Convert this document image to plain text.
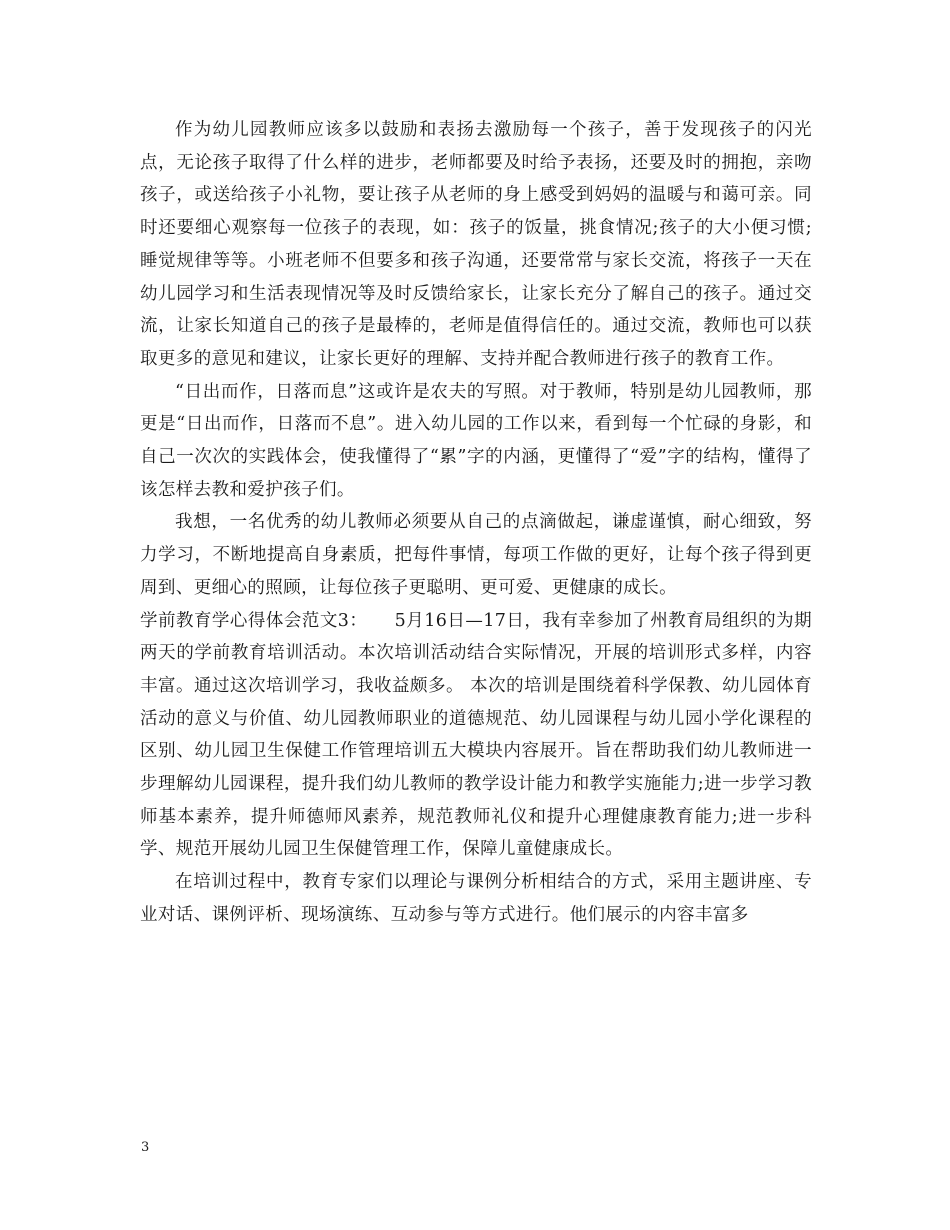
作为幼儿园教师应该多以鼓励和表扬去激励每一个孩子，善于发现孩子的闪光点，无论孩子取得了什么样的进步，老师都要及时给予表扬，还要及时的拥抱，亲吻孩子，或送给孩子小礼物，要让孩子从老师的身上感受到妈妈的温暖与和蔼可亲。同时还要细心观察每一位孩子的表现，如：孩子的饭量，挑食情况;孩子的大小便习惯;睡觉规律等等。小班老师不但要多和孩子沟通，还要常常与家长交流，将孩子一天在幼儿园学习和生活表现情况等及时反馈给家长，让家长充分了解自己的孩子。通过交流，让家长知道自己的孩子是最棒的，老师是值得信任的。通过交流，教师也可以获取更多的意见和建议，让家长更好的理解、支持并配合教师进行孩子的教育工作。

“日出而作，日落而息”这或许是农夫的写照。对于教师，特别是幼儿园教师，那更是“日出而作，日落而不息”。进入幼儿园的工作以来，看到每一个忙碌的身影，和自己一次次的实践体会，使我懂得了“累”字的内涵，更懂得了“爱”字的结构，懂得了该怎样去教和爱护孩子们。

我想，一名优秀的幼儿教师必须要从自己的点滴做起，谦虚谨慎，耐心细致，努力学习，不断地提高自身素质，把每件事情，每项工作做的更好，让每个孩子得到更周到、更细心的照顾，让每位孩子更聪明、更可爱、更健康的成长。

学前教育学心得体会范文3：　　5月16日—17日，我有幸参加了州教育局组织的为期两天的学前教育培训活动。本次培训活动结合实际情况，开展的培训形式多样，内容丰富。通过这次培训学习，我收益颇多。 本次的培训是围绕着科学保教、幼儿园体育活动的意义与价值、幼儿园教师职业的道德规范、幼儿园课程与幼儿园小学化课程的区别、幼儿园卫生保健工作管理培训五大模块内容展开。旨在帮助我们幼儿教师进一步理解幼儿园课程，提升我们幼儿教师的教学设计能力和教学实施能力;进一步学习教师基本素养，提升师德师风素养，规范教师礼仪和提升心理健康教育能力;进一步科学、规范开展幼儿园卫生保健管理工作，保障儿童健康成长。

在培训过程中，教育专家们以理论与课例分析相结合的方式，采用主题讲座、专业对话、课例评析、现场演练、互动参与等方式进行。他们展示的内容丰富多

3
